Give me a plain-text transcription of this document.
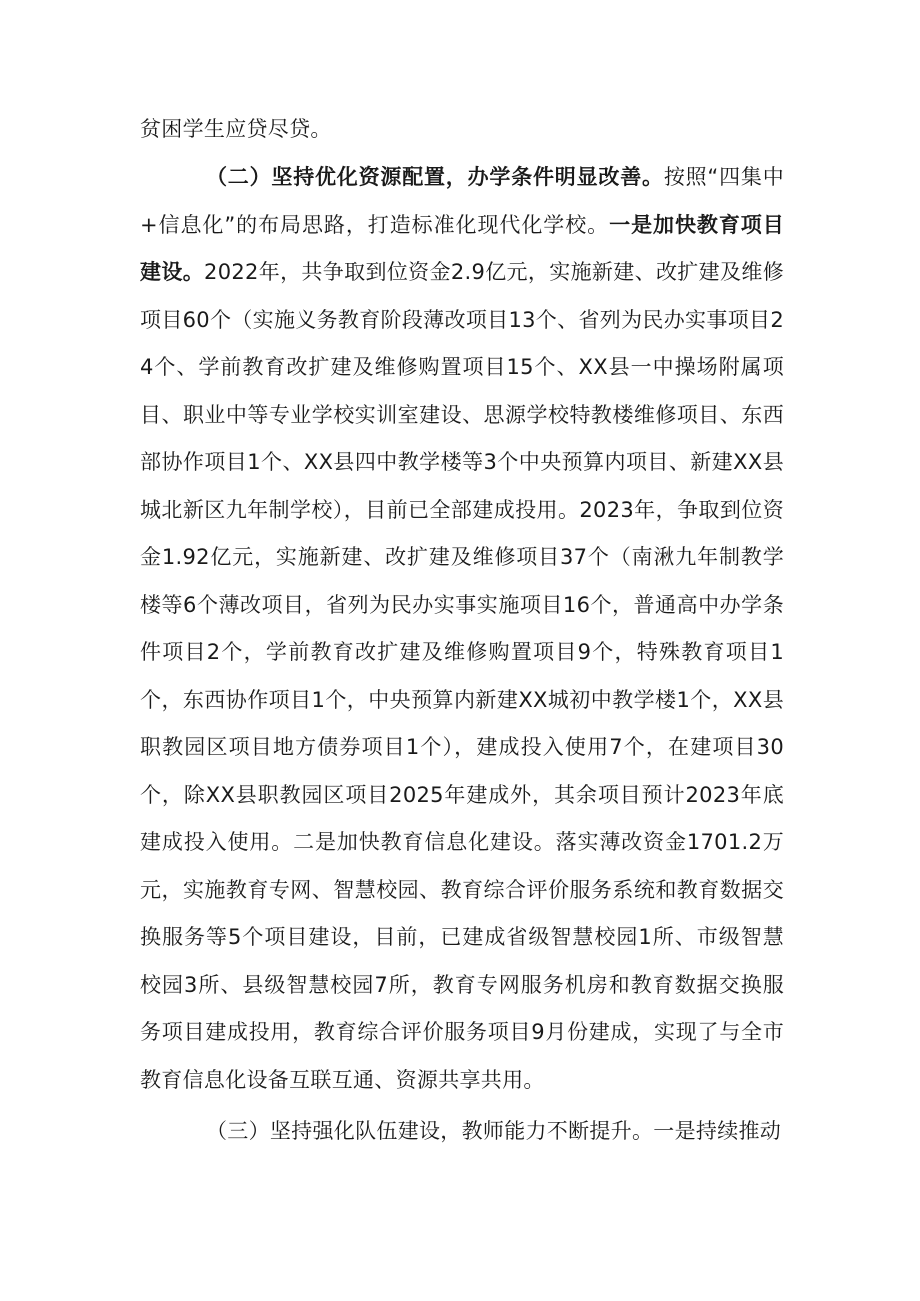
贫困学生应贷尽贷。

（二）坚持优化资源配置，办学条件明显改善。按照“四集中+信息化”的布局思路，打造标准化现代化学校。一是加快教育项目建设。2022年，共争取到位资金2.9亿元，实施新建、改扩建及维修项目60个（实施义务教育阶段薄改项目13个、省列为民办实事项目24个、学前教育改扩建及维修购置项目15个、XX县一中操场附属项目、职业中等专业学校实训室建设、思源学校特教楼维修项目、东西部协作项目1个、XX县四中教学楼等3个中央预算内项目、新建XX县城北新区九年制学校），目前已全部建成投用。2023年，争取到位资金1.92亿元，实施新建、改扩建及维修项目37个（南湫九年制教学楼等6个薄改项目，省列为民办实事实施项目16个，普通高中办学条件项目2个，学前教育改扩建及维修购置项目9个，特殊教育项目1个，东西协作项目1个，中央预算内新建XX城初中教学楼1个，XX县职教园区项目地方债券项目1个），建成投入使用7个，在建项目30个，除XX县职教园区项目2025年建成外，其余项目预计2023年底建成投入使用。二是加快教育信息化建设。落实薄改资金1701.2万元，实施教育专网、智慧校园、教育综合评价服务系统和教育数据交换服务等5个项目建设，目前，已建成省级智慧校园1所、市级智慧校园3所、县级智慧校园7所，教育专网服务机房和教育数据交换服务项目建成投用，教育综合评价服务项目9月份建成，实现了与全市教育信息化设备互联互通、资源共享共用。

（三）坚持强化队伍建设，教师能力不断提升。一是持续推动
